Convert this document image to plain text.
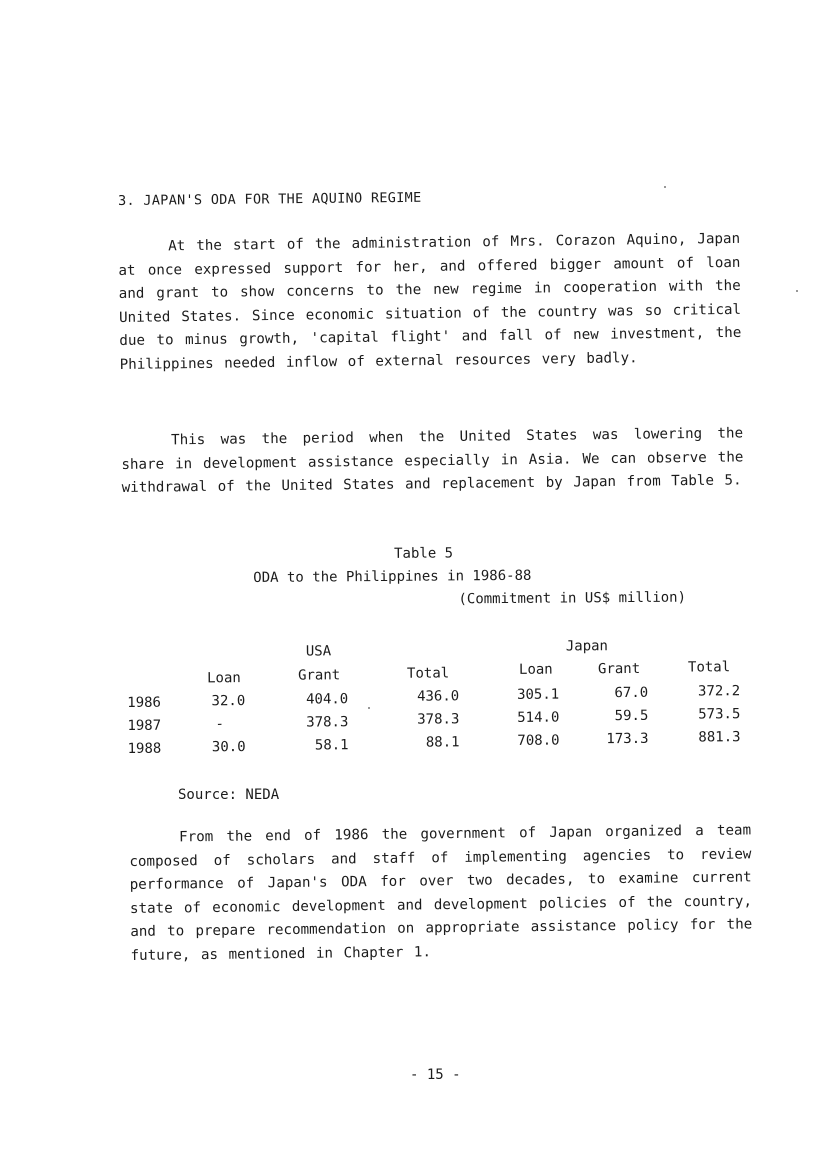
3. JAPAN'S ODA FOR THE AQUINO REGIME

At the start of the administration of Mrs. Corazon Aquino, Japan at once expressed support for her, and offered bigger amount of loan and grant to show concerns to the new regime in cooperation with the United States. Since economic situation of the country was so critical due to minus growth, 'capital flight' and fall of new investment, the Philippines needed inflow of external resources very badly.

This was the period when the United States was lowering the share in development assistance especially in Asia. We can observe the withdrawal of the United States and replacement by Japan from Table 5.

Table 5
ODA to the Philippines in 1986-88
(Commitment in US$ million)
USA	Japan
Loan	Grant	Total	Loan	Grant	Total
1986	32.0	404.0	436.0	305.1	67.0	372.2
1987	-	378.3	378.3	514.0	59.5	573.5
1988	30.0	58.1	88.1	708.0	173.3	881.3
Source: NEDA

From the end of 1986 the government of Japan organized a team composed of scholars and staff of implementing agencies to review performance of Japan's ODA for over two decades, to examine current state of economic development and development policies of the country, and to prepare recommendation on appropriate assistance policy for the future, as mentioned in Chapter 1.

- 15 -
